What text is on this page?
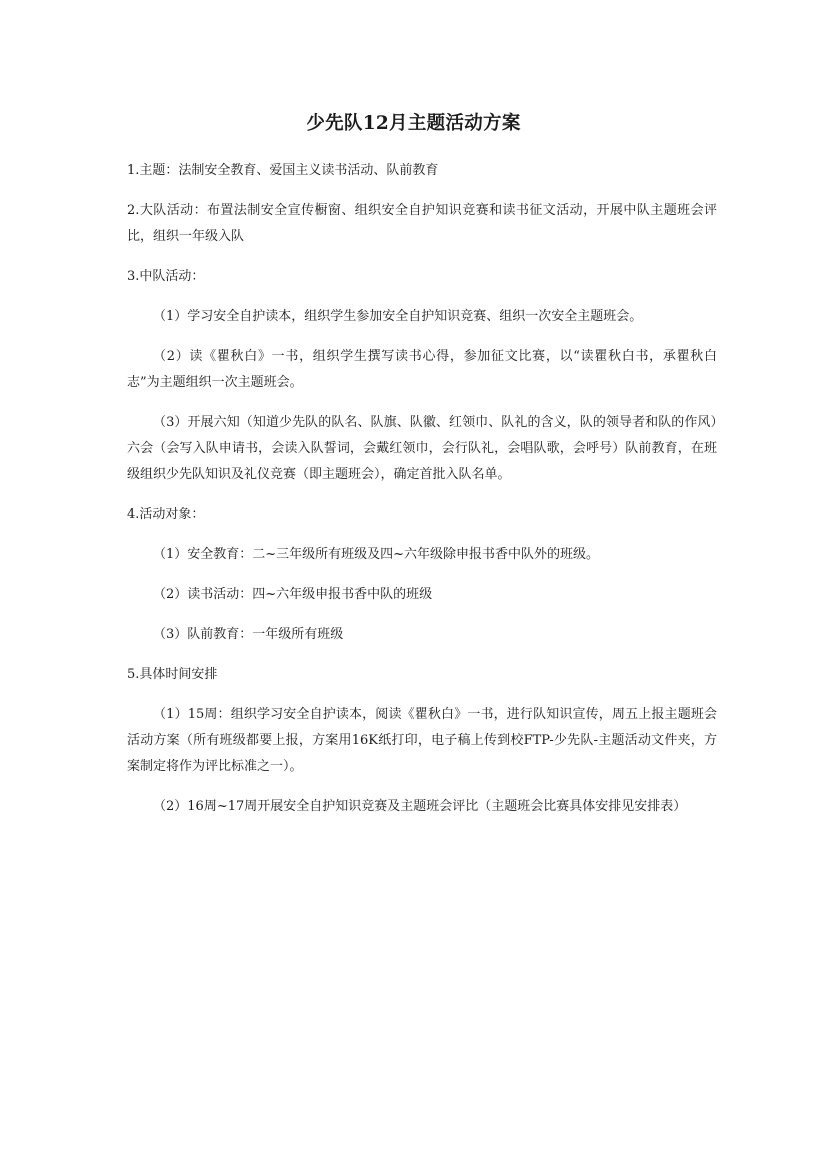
少先队12月主题活动方案

1.主题：法制安全教育、爱国主义读书活动、队前教育

2.大队活动：布置法制安全宣传橱窗、组织安全自护知识竞赛和读书征文活动，开展中队主题班会评比，组织一年级入队

3.中队活动：

（1）学习安全自护读本，组织学生参加安全自护知识竞赛、组织一次安全主题班会。

（2）读《瞿秋白》一书，组织学生撰写读书心得，参加征文比赛，以“读瞿秋白书，承瞿秋白志”为主题组织一次主题班会。

（3）开展六知（知道少先队的队名、队旗、队徽、红领巾、队礼的含义，队的领导者和队的作风）六会（会写入队申请书，会读入队誓词，会戴红领巾，会行队礼，会唱队歌，会呼号）队前教育，在班级组织少先队知识及礼仪竞赛（即主题班会），确定首批入队名单。

4.活动对象：

（1）安全教育：二~三年级所有班级及四~六年级除申报书香中队外的班级。

（2）读书活动：四~六年级申报书香中队的班级

（3）队前教育：一年级所有班级

5.具体时间安排

（1）15周：组织学习安全自护读本，阅读《瞿秋白》一书，进行队知识宣传，周五上报主题班会活动方案（所有班级都要上报，方案用16K纸打印，电子稿上传到校FTP-少先队-主题活动文件夹，方案制定将作为评比标准之一）。

（2）16周~17周开展安全自护知识竞赛及主题班会评比（主题班会比赛具体安排见安排表）
